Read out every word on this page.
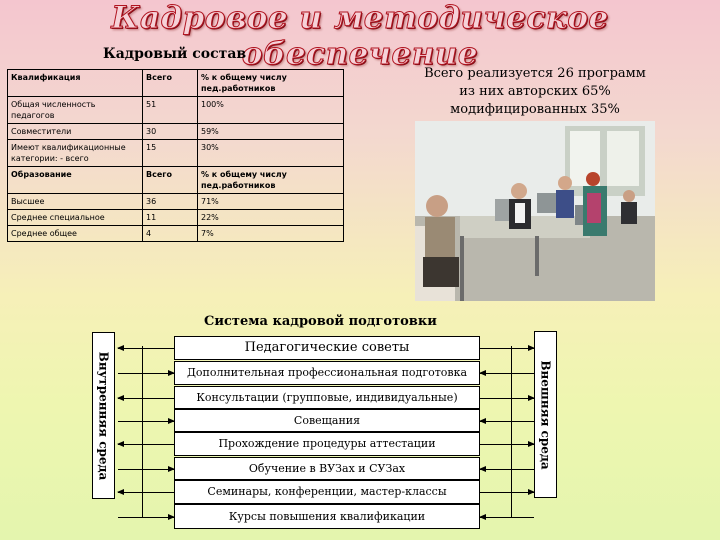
Кадровое и методическое обеспечение
Кадровый состав
Квалификация	Всего	% к общему числу пед.работников
Общая численность педагогов	51	100%
Совместители	30	59%
Имеют квалификационные категории: - всего	15	30%
Образование	Всего	% к общему числу пед.работников
Высшее	36	71%
Среднее специальное	11	22%
Среднее общее	4	7%
Всего реализуется 26 программ
из них авторских 65%
модифицированных 35%
Система кадровой подготовки
Внутренняя среда	Внешняя среда
Педагогические советы
Дополнительная профессиональная подготовка
Консультации (групповые, индивидуальные)
Совещания
Прохождение процедуры аттестации
Обучение в ВУЗах и СУЗах
Семинары, конференции, мастер-классы
Курсы повышения квалификации
